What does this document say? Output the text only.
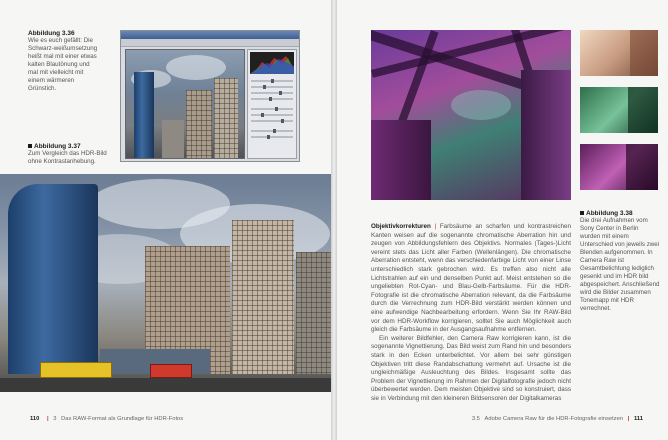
Abbildung 3.36
Wie es euch gefällt: Die Schwarz-weißumsetzung heißt mal mit einer etwas kalten Blautönung und mal mit vielleicht mit einem wärmeren Grünstich.
Abbildung 3.37
Zum Vergleich das HDR-Bild ohne Kontrastanhebung.
110 | 3 Das RAW-Format als Grundlage für HDR-Fotos
Abbildung 3.38
Die drei Aufnahmen vom Sony Center in Berlin wurden mit einem Unterschied von jeweils zwei Blenden aufgenommen. In Camera Raw ist Gesamtbelichtung lediglich gesenkt und im HDR bild abgespeichert. Anschließend wird die Bilder zusammen Tonemapp mit HDR verrechnet.

Objektivkorrekturen | Farbsäume an scharfen und kontrastreichen Kanten weisen auf die sogenannte chromatische Aberration hin und zeugen von Abbildungsfehlern des Objektivs. Normales (Tages-)Licht vereint stets das Licht aller Farben (Wellenlängen). Die chromatische Aberration entsteht, wenn das verschiedenfarbige Licht von einer Linse unterschiedlich stark gebrochen wird. Es treffen also nicht alle Lichtstrahlen auf ein und denselben Punkt auf. Meist entstehen so die ungeliebten Rot-Cyan- und Blau-Gelb-Farbsäume. Für die HDR-Fotografie ist die chromatische Aberration relevant, da die Farbsäume durch die Verrechnung zum HDR-Bild verstärkt werden können und eine aufwendige Nachbearbeitung erfordern. Wenn Sie Ihr RAW-Bild vor dem HDR-Workflow korrigieren, solltet Sie auch Möglichkeit auch gleich die Farbsäume in der Ausgangsaufnahme entfernen.

Ein weiterer Bildfehler, den Camera Raw korrigieren kann, ist die sogenannte Vignettierung. Das Bild weist zum Rand hin und besonders stark in den Ecken unterbelichtet. Vor allem bei sehr günstigen Objektiven tritt diese Randabschattung vermehrt auf. Ursache ist die ungleichmäßige Ausleuchtung des Bildes. Insgesamt sollte das Problem der Vignettierung im Rahmen der Digitalfotografie jedoch nicht überbewertet werden. Dem meisten Objektive sind so konstruiert, dass sie in Verbindung mit den kleineren Bildsensoren der Digitalkameras

3.5 Adobe Camera Raw für die HDR-Fotografie einsetzen | 111
